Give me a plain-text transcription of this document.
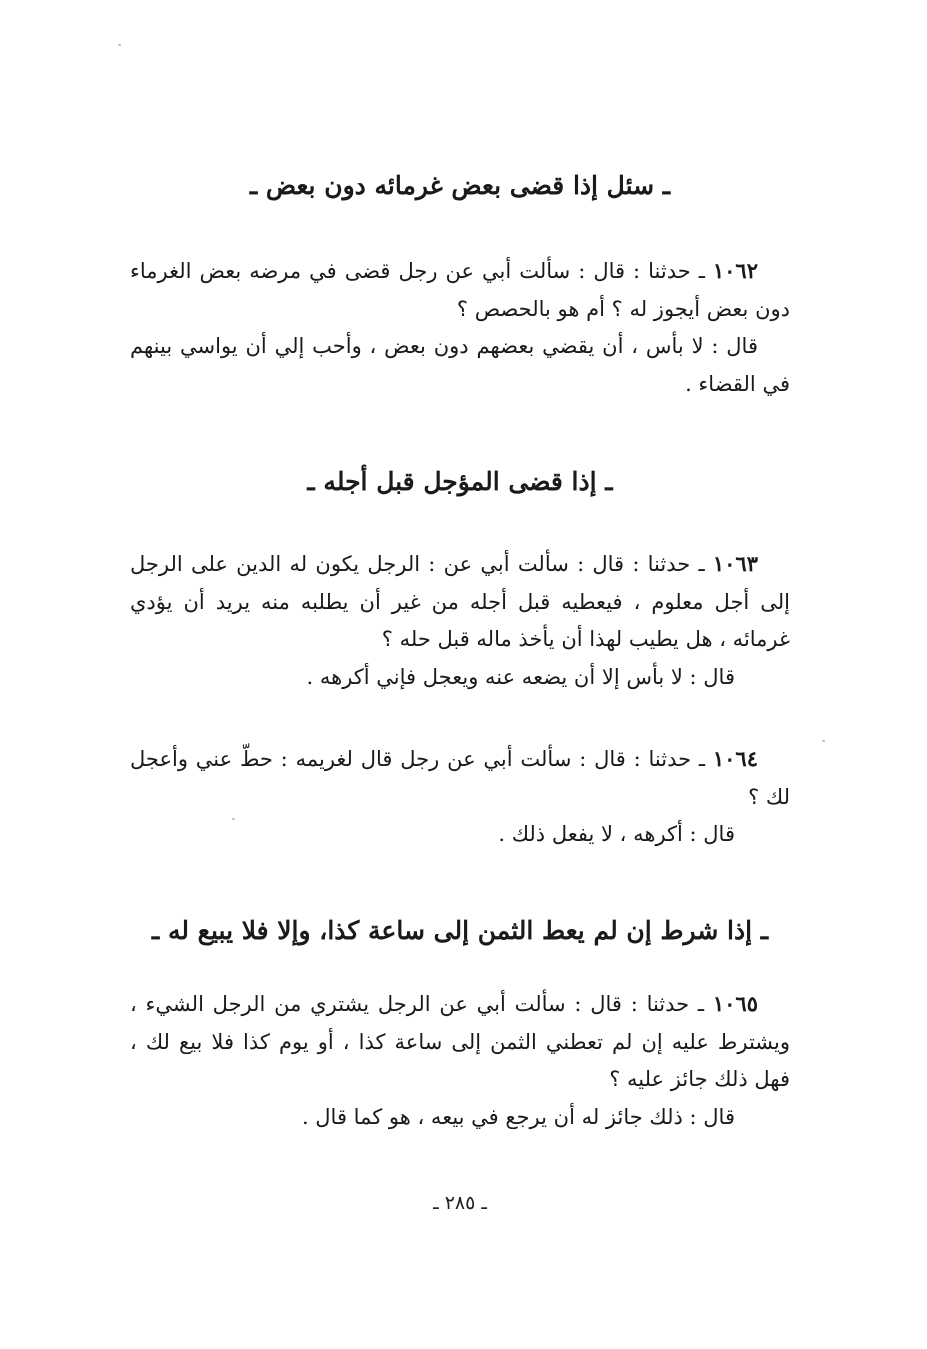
ـ سئل إذا قضى بعض غرمائه دون بعض ـ

١٠٦٢ ـ حدثنا : قال : سألت أبي عن رجل قضى في مرضه بعض الغرماء دون بعض أيجوز له ؟ أم هو بالحصص ؟

قال : لا بأس ، أن يقضي بعضهم دون بعض ، وأحب إلي أن يواسي بينهم في القضاء .

ـ إذا قضى المؤجل قبل أجله ـ

١٠٦٣ ـ حدثنا : قال : سألت أبي عن : الرجل يكون له الدين على الرجل إلى أجل معلوم ، فيعطيه قبل أجله من غير أن يطلبه منه يريد أن يؤدي غرمائه ، هل يطيب لهذا أن يأخذ ماله قبل حله ؟

قال : لا بأس إلا أن يضعه عنه ويعجل فإني أكرهه .

١٠٦٤ ـ حدثنا : قال : سألت أبي عن رجل قال لغريمه : حطّ عني وأعجل لك ؟

قال : أكرهه ، لا يفعل ذلك .

ـ إذا شرط إن لم يعط الثمن إلى ساعة كذا، وإلا فلا يبيع له ـ

١٠٦٥ ـ حدثنا : قال : سألت أبي عن الرجل يشتري من الرجل الشيء ، ويشترط عليه إن لم تعطني الثمن إلى ساعة كذا ، أو يوم كذا فلا بيع لك ، فهل ذلك جائز عليه ؟

قال : ذلك جائز له أن يرجع في بيعه ، هو كما قال .

ـ ٢٨٥ ـ
